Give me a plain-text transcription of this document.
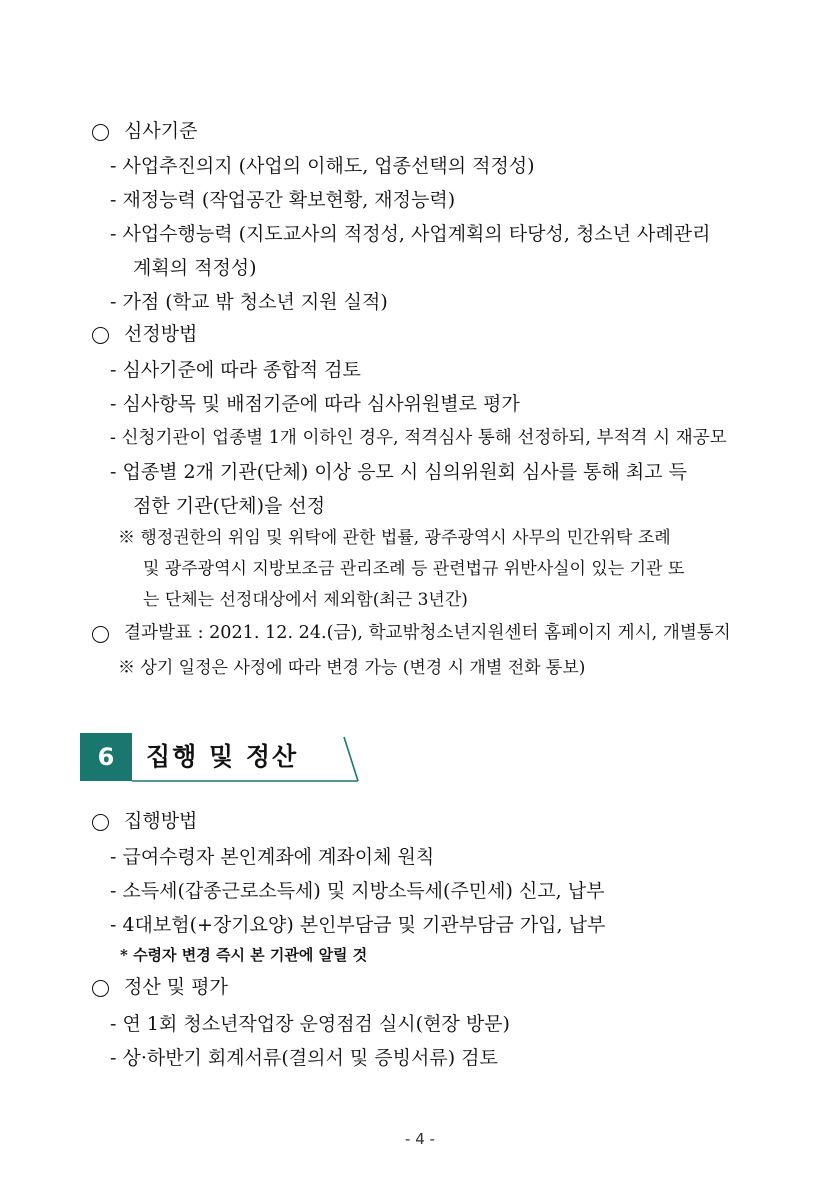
심사기준
- 사업추진의지 (사업의 이해도, 업종선택의 적정성)
- 재정능력 (작업공간 확보현황, 재정능력)
- 사업수행능력 (지도교사의 적정성, 사업계획의 타당성, 청소년 사례관리
계획의 적정성)
- 가점 (학교 밖 청소년 지원 실적)
선정방법
- 심사기준에 따라 종합적 검토
- 심사항목 및 배점기준에 따라 심사위원별로 평가
- 신청기관이 업종별 1개 이하인 경우, 적격심사 통해 선정하되, 부적격 시 재공모
- 업종별 2개 기관(단체) 이상 응모 시 심의위원회 심사를 통해 최고 득
점한 기관(단체)을 선정
※ 행정권한의 위임 및 위탁에 관한 법률, 광주광역시 사무의 민간위탁 조례
및 광주광역시 지방보조금 관리조례 등 관련법규 위반사실이 있는 기관 또
는 단체는 선정대상에서 제외함(최근 3년간)
결과발표 : 2021. 12. 24.(금), 학교밖청소년지원센터 홈페이지 게시, 개별통지
※ 상기 일정은 사정에 따라 변경 가능 (변경 시 개별 전화 통보)
6	집행 및 정산
집행방법
- 급여수령자 본인계좌에 계좌이체 원칙
- 소득세(갑종근로소득세) 및 지방소득세(주민세) 신고, 납부
- 4대보험(+장기요양) 본인부담금 및 기관부담금 가입, 납부
* 수령자 변경 즉시 본 기관에 알릴 것
정산 및 평가
- 연 1회 청소년작업장 운영점검 실시(현장 방문)
- 상·하반기 회계서류(결의서 및 증빙서류) 검토
- 4 -
